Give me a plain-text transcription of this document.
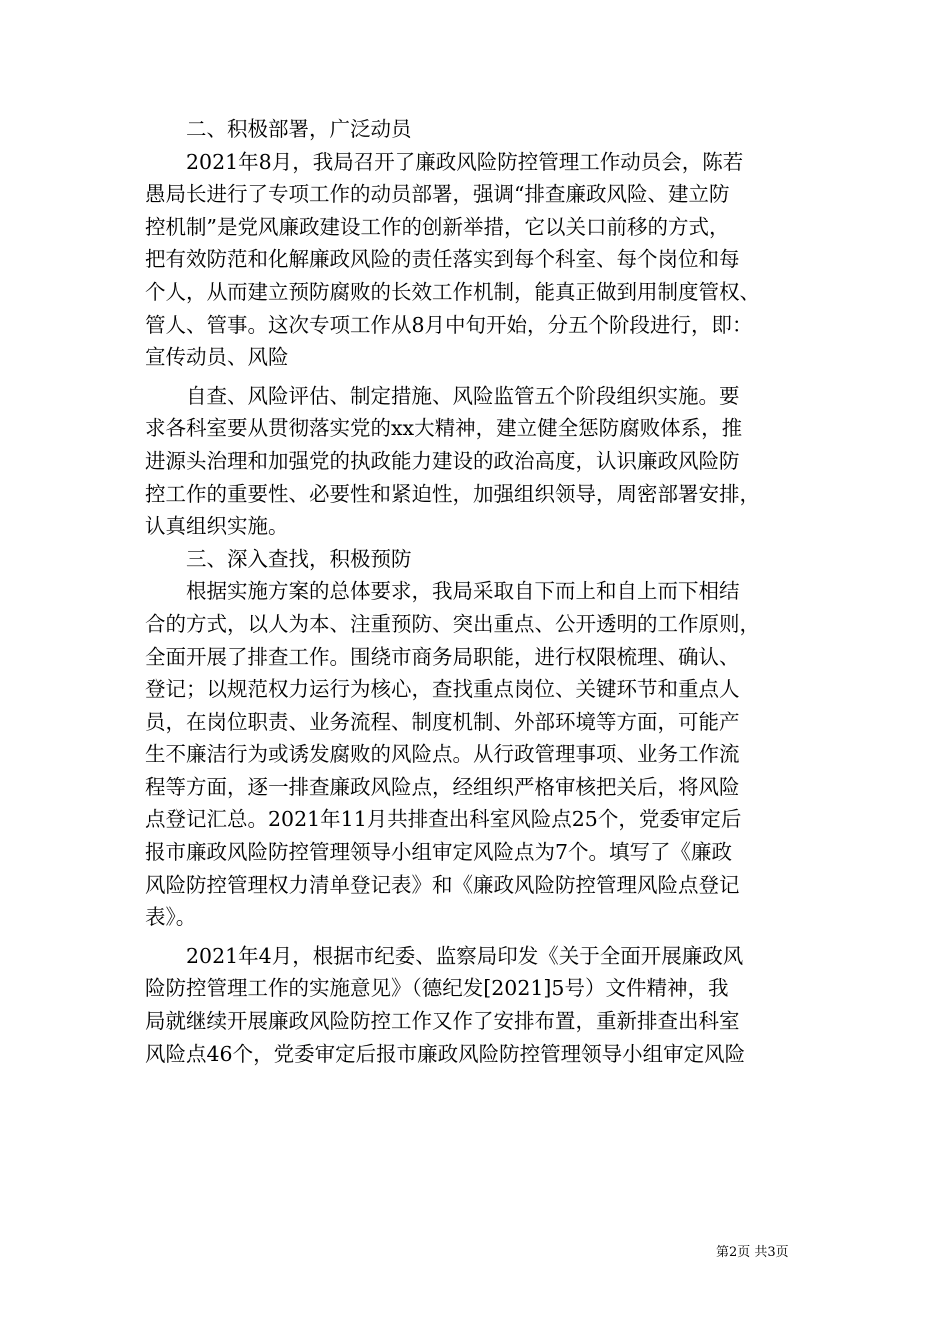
　　二、积极部署，广泛动员
　　2021年8月，我局召开了廉政风险防控管理工作动员会，陈若
愚局长进行了专项工作的动员部署，强调“排查廉政风险、建立防
控机制”是党风廉政建设工作的创新举措，它以关口前移的方式，
把有效防范和化解廉政风险的责任落实到每个科室、每个岗位和每
个人，从而建立预防腐败的长效工作机制，能真正做到用制度管权、
管人、管事。这次专项工作从8月中旬开始，分五个阶段进行，即：
宣传动员、风险
　　自查、风险评估、制定措施、风险监管五个阶段组织实施。要
求各科室要从贯彻落实党的xx大精神，建立健全惩防腐败体系，推
进源头治理和加强党的执政能力建设的政治高度，认识廉政风险防
控工作的重要性、必要性和紧迫性，加强组织领导，周密部署安排，
认真组织实施。
　　三、深入查找，积极预防
　　根据实施方案的总体要求，我局采取自下而上和自上而下相结
合的方式，以人为本、注重预防、突出重点、公开透明的工作原则，
全面开展了排查工作。围绕市商务局职能，进行权限梳理、确认、
登记；以规范权力运行为核心，查找重点岗位、关键环节和重点人
员，在岗位职责、业务流程、制度机制、外部环境等方面，可能产
生不廉洁行为或诱发腐败的风险点。从行政管理事项、业务工作流
程等方面，逐一排查廉政风险点，经组织严格审核把关后，将风险
点登记汇总。2021年11月共排查出科室风险点25个，党委审定后
报市廉政风险防控管理领导小组审定风险点为7个。填写了《廉政
风险防控管理权力清单登记表》和《廉政风险防控管理风险点登记
表》。
　　2021年4月，根据市纪委、监察局印发《关于全面开展廉政风
险防控管理工作的实施意见》（德纪发[2021]5号）文件精神，我
局就继续开展廉政风险防控工作又作了安排布置，重新排查出科室
风险点46个，党委审定后报市廉政风险防控管理领导小组审定风险
第2页 共3页
